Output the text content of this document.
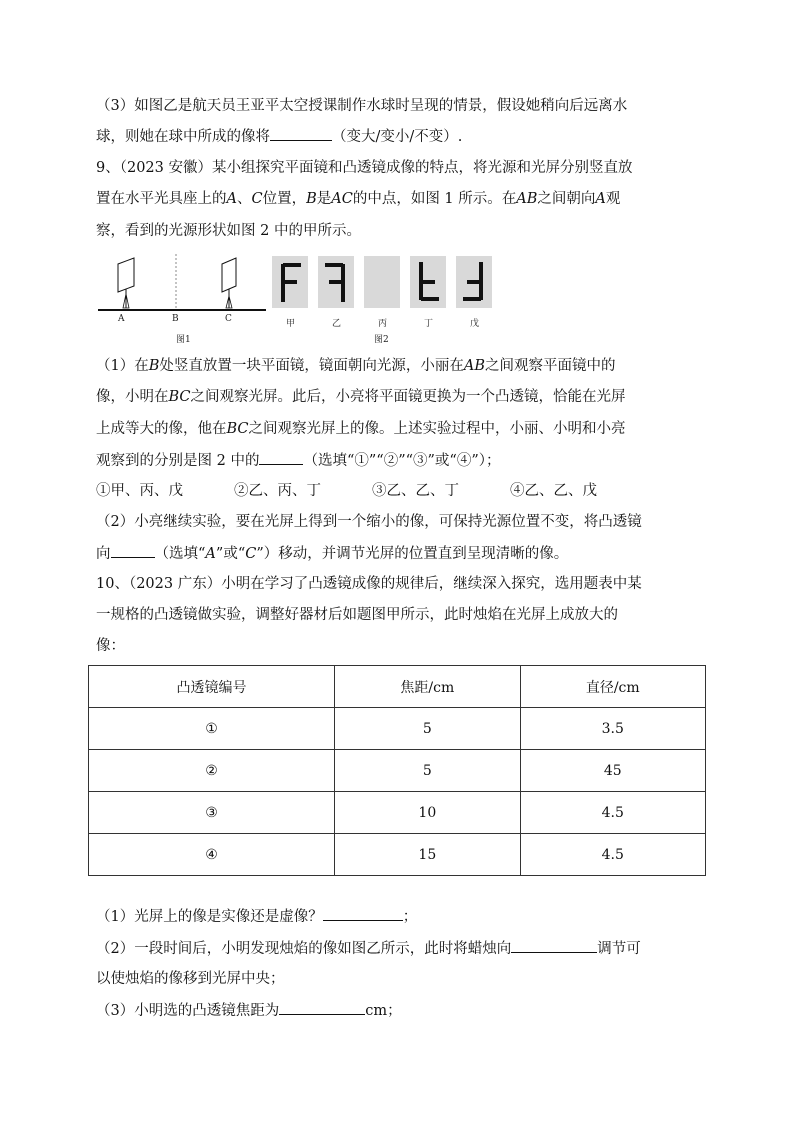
（3）如图乙是航天员王亚平太空授课制作水球时呈现的情景，假设她稍向后远离水
球，则她在球中所成的像将	（变大/变小/不变）.
9、（2023 安徽）某小组探究平面镜和凸透镜成像的特点，将光源和光屏分别竖直放
置在水平光具座上的A、C位置，B是AC的中点，如图 1 所示。在AB之间朝向A观
察，看到的光源形状如图 2 中的甲所示。
A	B	C
图1
甲	乙	丙	丁	戊
图2
（1）在B处竖直放置一块平面镜，镜面朝向光源，小丽在AB之间观察平面镜中的
像，小明在BC之间观察光屏。此后，小亮将平面镜更换为一个凸透镜，恰能在光屏
上成等大的像，他在BC之间观察光屏上的像。上述实验过程中，小丽、小明和小亮
观察到的分别是图 2 中的	（选填“①”“②”“③”或“④”）；
①甲、丙、戊	②乙、丙、丁	③乙、乙、丁	④乙、乙、戊
（2）小亮继续实验，要在光屏上得到一个缩小的像，可保持光源位置不变，将凸透镜
向	（选填“A”或“C”）移动，并调节光屏的位置直到呈现清晰的像。
10、（2023 广东）小明在学习了凸透镜成像的规律后，继续深入探究，选用题表中某
一规格的凸透镜做实验，调整好器材后如题图甲所示，此时烛焰在光屏上成放大的
像：
凸透镜编号	焦距/cm	直径/cm
①	5	3.5
②	5	45
③	10	4.5
④	15	4.5
（1）光屏上的像是实像还是虚像？	；
（2）一段时间后，小明发现烛焰的像如图乙所示，此时将蜡烛向	调节可
以使烛焰的像移到光屏中央；
（3）小明选的凸透镜焦距为	cm；
